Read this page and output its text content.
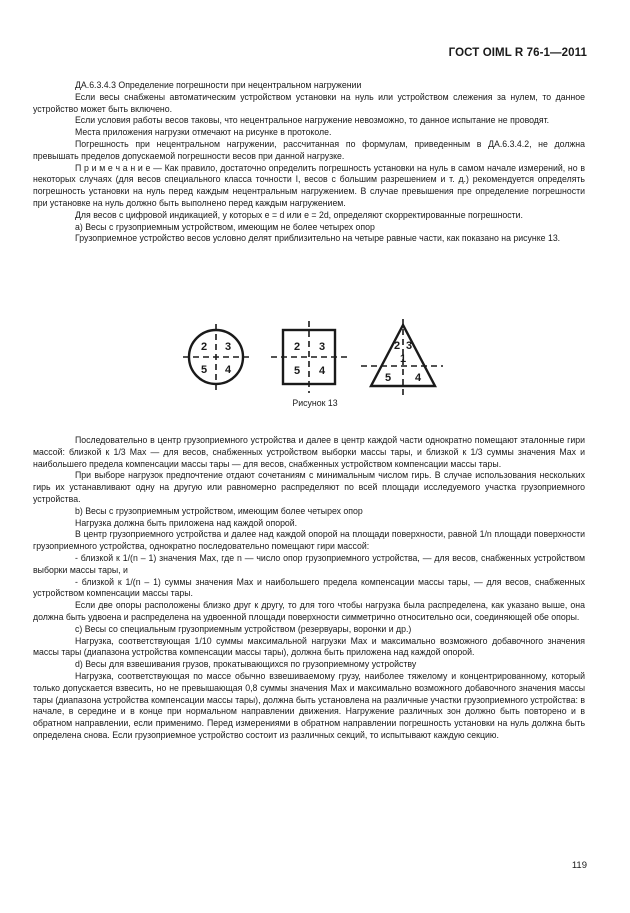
ГОСТ OIML R 76-1—2011

ДА.6.3.4.3 Определение погрешности при нецентральном нагружении

Если весы снабжены автоматическим устройством установки на нуль или устройством слежения за нулем, то данное устройство может быть включено.

Если условия работы весов таковы, что нецентральное нагружение невозможно, то данное испытание не проводят.

Места приложения нагрузки отмечают на рисунке в протоколе.

Погрешность при нецентральном нагружении, рассчитанная по формулам, приведенным в ДА.6.3.4.2, не должна превышать пределов допускаемой погрешности весов при данной нагрузке.

П р и м е ч а н и е — Как правило, достаточно определить погрешность установки на нуль в самом начале измерений, но в некоторых случаях (для весов специального класса точности I, весов с большим разрешением и т. д.) рекомендуется определять погрешность установки на нуль перед каждым нецентральным нагружением. В случае превышения пре определение погрешности при установке на нуль должно быть выполнено перед каждым нагружением.

Для весов с цифровой индикацией, у которых e = d или e = 2d, определяют скорректированные погрешности.

a) Весы с грузоприемным устройством, имеющим не более четырех опор

Грузоприемное устройство весов условно делят приблизительно на четыре равные части, как показано на рисунке 13.

2 3
5 4
2 3
5 4
2 3
1
5 4
Рисунок 13

Последовательно в центр грузоприемного устройства и далее в центр каждой части однократно помещают эталонные гири массой: близкой к 1/3 Max — для весов, снабженных устройством выборки массы тары, и близкой к 1/3 суммы значения Max и наибольшего предела компенсации массы тары — для весов, снабженных устройством компенсации массы тары.

При выборе нагрузок предпочтение отдают сочетаниям с минимальным числом гирь. В случае использования нескольких гирь их устанавливают одну на другую или равномерно распределяют по всей площади исследуемого участка грузоприемного устройства.

b) Весы с грузоприемным устройством, имеющим более четырех опор

Нагрузка должна быть приложена над каждой опорой.

В центр грузоприемного устройства и далее над каждой опорой на площади поверхности, равной 1/n площади поверхности грузоприемного устройства, однократно последовательно помещают гири массой:

- близкой к 1/(n – 1) значения Max, где n — число опор грузоприемного устройства, — для весов, снабженных устройством выборки массы тары, и

- близкой к 1/(n – 1) суммы значения Max и наибольшего предела компенсации массы тары, — для весов, снабженных устройством компенсации массы тары.

Если две опоры расположены близко друг к другу, то для того чтобы нагрузка была распределена, как указано выше, она должна быть удвоена и распределена на удвоенной площади поверхности симметрично относительно оси, соединяющей обе опоры.

c) Весы со специальным грузоприемным устройством (резервуары, воронки и др.)

Нагрузка, соответствующая 1/10 суммы максимальной нагрузки Max и максимально возможного добавочного значения массы тары (диапазона устройства компенсации массы тары), должна быть приложена над каждой опорой.

d) Весы для взвешивания грузов, прокатывающихся по грузоприемному устройству

Нагрузка, соответствующая по массе обычно взвешиваемому грузу, наиболее тяжелому и концентрированному, который только допускается взвесить, но не превышающая 0,8 суммы значения Max и максимально возможного добавочного значения массы тары (диапазона устройства компенсации массы тары), должна быть установлена на различные участки грузоприемного устройства: в начале, в середине и в конце при нормальном направлении движения. Нагружение различных зон должно быть повторено и в обратном направлении, если применимо. Перед измерениями в обратном направлении погрешность установки на нуль должна быть определена снова. Если грузоприемное устройство состоит из различных секций, то испытывают каждую секцию.

119
